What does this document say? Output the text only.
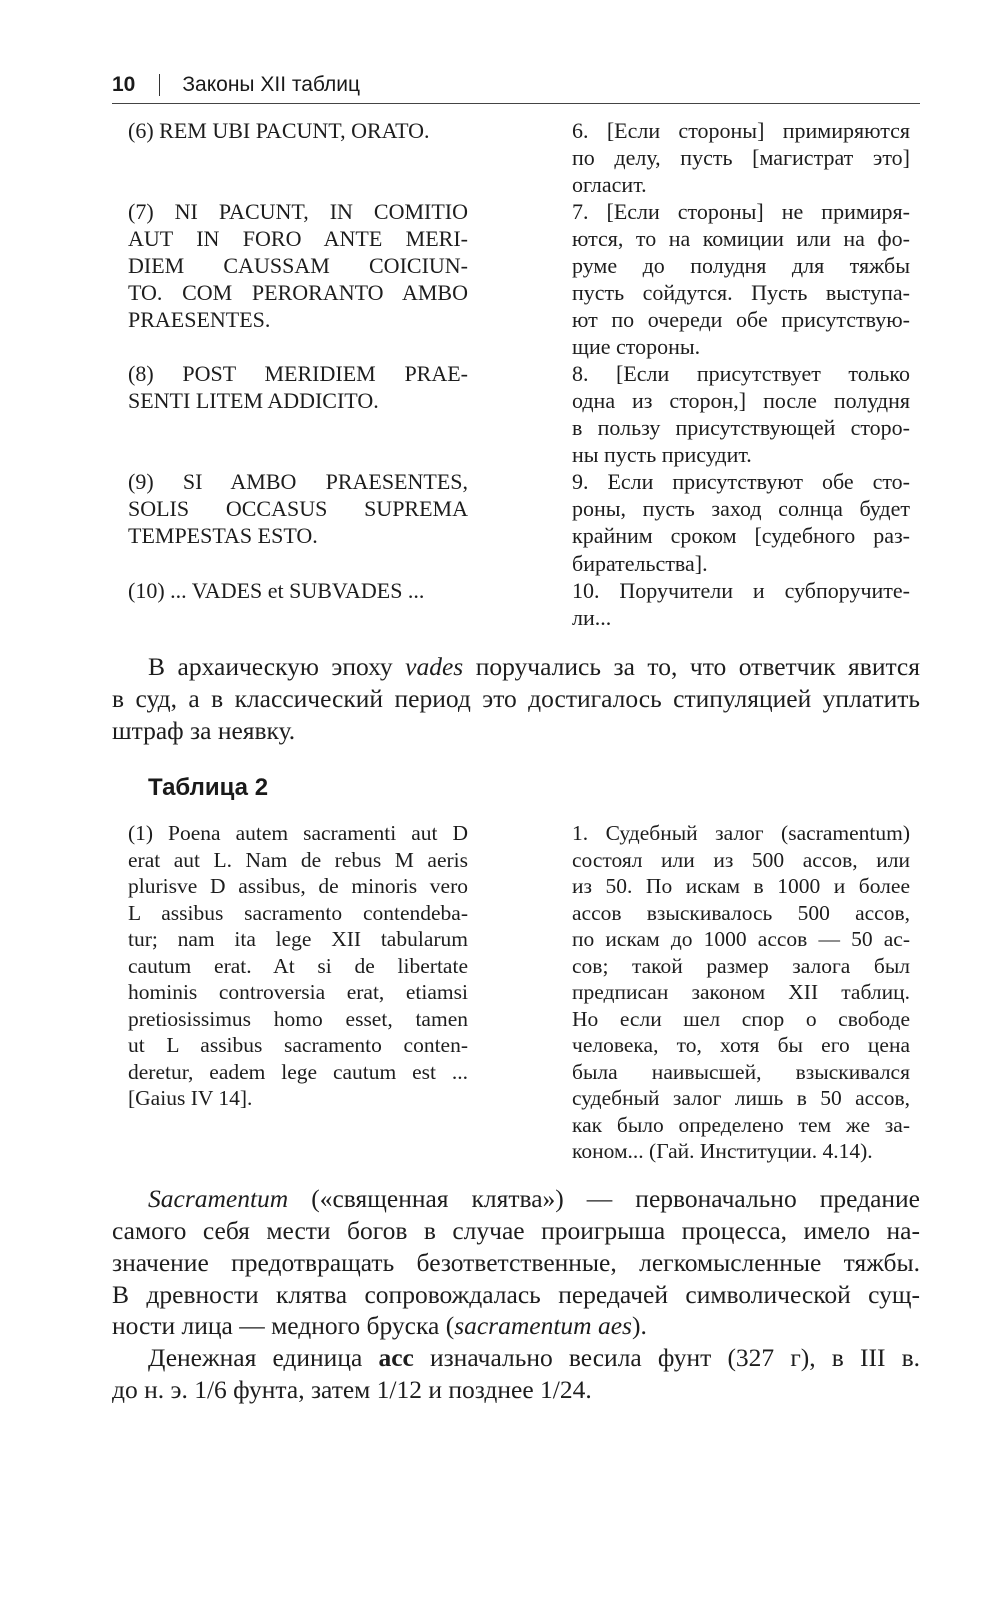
10 Законы XII таблиц
(6) REM UBI PACUNT, ORATO.	6. [Если стороны] примиряются
по делу, пусть [магистрат это]
огласит.
(7) NI PACUNT, IN COMITIO
AUT IN FORO ANTE MERI-
DIEM CAUSSAM COICIUN-
TO. COM PERORANTO AMBO
PRAESENTES.
7. [Если стороны] не примиря-
ются, то на комиции или на фо-
руме до полудня для тяжбы
пусть сойдутся. Пусть выступа-
ют по очереди обе присутствую-
щие стороны.
(8) POST MERIDIEM PRAE-
SENTI LITEM ADDICITO.
8. [Если присутствует только
одна из сторон,] после полудня
в пользу присутствующей сторо-
ны пусть присудит.
(9) SI AMBO PRAESENTES,
SOLIS OCCASUS SUPREMA
TEMPESTAS ESTO.
9. Если присутствуют обе сто-
роны, пусть заход солнца будет
крайним сроком [судебного раз-
бирательства].
(10) ... VADES et SUBVADES ...	10. Поручители и субпоручите-
ли...
В архаическую эпоху vades поручались за то, что ответчик явится
в суд, а в классический период это достигалось стипуляцией уплатить
штраф за неявку.
Таблица 2
(1) Poena autem sacramenti aut D
erat aut L. Nam de rebus M aeris
plurisve D assibus, de minoris vero
L assibus sacramento contendeba-
tur; nam ita lege XII tabularum
cautum erat. At si de libertate
hominis controversia erat, etiamsi
pretiosissimus homo esset, tamen
ut L assibus sacramento conten-
deretur, eadem lege cautum est ...
[Gaius IV 14].
1. Судебный залог (sacramentum)
состоял или из 500 ассов, или
из 50. По искам в 1000 и более
ассов взыскивалось 500 ассов,
по искам до 1000 ассов — 50 ас-
сов; такой размер залога был
предписан законом XII таблиц.
Но если шел спор о свободе
человека, то, хотя бы его цена
была наивысшей, взыскивался
судебный залог лишь в 50 ассов,
как было определено тем же за-
коном... (Гай. Институции. 4.14).
Sacramentum («священная клятва») — первоначально предание
самого себя мести богов в случае проигрыша процесса, имело на-
значение предотвращать безответственные, легкомысленные тяжбы.
В древности клятва сопровождалась передачей символической сущ-
ности лица — медного бруска (sacramentum aes).
Денежная единица асс изначально весила фунт (327 г), в III в.
до н. э. 1/6 фунта, затем 1/12 и позднее 1/24.
